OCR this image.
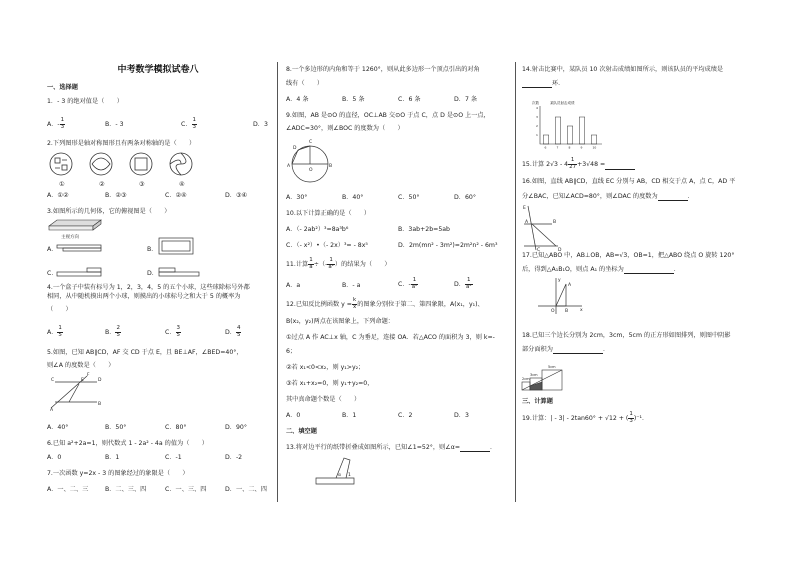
中考数学模拟试卷八
一、选择题
1．- 3 的绝对值是（　　）
A．- $\frac{1}{3}$	B．- 3	C． $\frac{1}{3}$	D．3
2.下列图形是轴对称图形且有两条对称轴的是（　　）
①	②	③	④
A．①②	B．②③	C．②④	D．③④
3.如图所示的几何体，它的俯视图是（　　）
主视方向
A．	B．
C．	D．
4.一个盒子中装有标号为 1，2，3，4，5 的五个小球，这些球除标号外都
相同，从中随机摸出两个小球，则摸出的小球标号之和大于 5 的概率为
（　　）
A． $\frac{1}{5}$	B． $\frac{2}{5}$	C． $\frac{3}{5}$	D． $\frac{4}{5}$
5.如图，已知 AB∥CD，AF 交 CD 于点 E，且 BE⊥AF，∠BED=40°，
则∠A 的度数是（　　）
A
B
C	D
E
F
A．40°	B．50°	C．80°	D．90°
6.已知 a²+2a=1，则代数式 1 - 2a² - 4a 的值为（　　）
A．0	B．1	C．-1	D．-2
7.一次函数 y=2x - 3 的图象经过的象限是（　　）
A．一、二、三	B．二、三、四	C．一、三、四	D．一、二、四
8.一个多边形的内角和等于 1260°，则从此多边形一个顶点引出的对角
线有（　　）
A．4 条	B．5 条	C．6 条	D．7 条
9.如图，AB 是⊙O 的直径，OC⊥AB 交⊙O 于点 C，点 D 是⊙O 上一点，
∠ADC=30°，则∠BOC 的度数为（　　）
C
D
A	B
O
A．30°	B．40°	C．50°	D．60°
10.以下计算正确的是（　　）
A．（- 2ab²）³=8a³b⁶	B．3ab+2b=5ab
C．（- x²）•（- 2x）³= - 8x⁵	D．2m(mn² - 3m²)=2m²n² - 6m³
11.计算 $\frac{1}{a}$ ÷（- $\frac{1}{\text{a²}}$ ）的结果为（　　）
A．a	B．- a	C．- $\frac{1}{\text{a²}}$	D． $\frac{1}{\text{a²}}$
12.已知反比例函数 $y = \frac{k}{x}$ 的图象分别位于第二、第四象限，A(x₁，y₁)、
B(x₂，y₂)两点在该图象上，下列命题：
①过点 A 作 AC⊥x 轴，C 为垂足，连接 OA．若△ACO 的面积为 3，则 k=-
6；
②若 x₁<0<x₂，则 y₁>y₂；
③若 x₁+x₂=0，则 y₁+y₂=0，
其中真命题个数是（　　）
A．0	B．1	C．2	D．3
二、填空题
13.将对边平行的纸带折叠成如图所示，已知∠1=52°，则∠α=	．
α 1
14.射击比赛中，某队员 10 次射击成绩如图所示，则该队员的平均成绩是
环．
次数	某队员射击成绩
1
2
3
4
6	7	8	9	10
15.计算 $2√3 - 4 \frac{1}{27} +3√48$ =
16.如图，直线 AB∥CD，直线 EC 分别与 AB，CD 相交于点 A，点 C，AD 平
分∠BAC，已知∠ACD=80°，则∠DAC 的度数为	．
E
A	B
C	D
17.已知△ABO 中，AB⊥OB，AB=√3，OB=1，把△ABO 绕点 O 旋转 120°
后，得到△A₁B₁O，则点 A₁ 的坐标为	．
y
x
O B
A
18.已知三个边长分别为 2cm，3cm，5cm 的正方形如图排列，则图中阴影
部分面积为	．
5cm
3cm
2cm
三、计算题
19.计算：| - 3| - 2tan60° + √12 + ( $\frac{1}{3} )^{-1}$．
